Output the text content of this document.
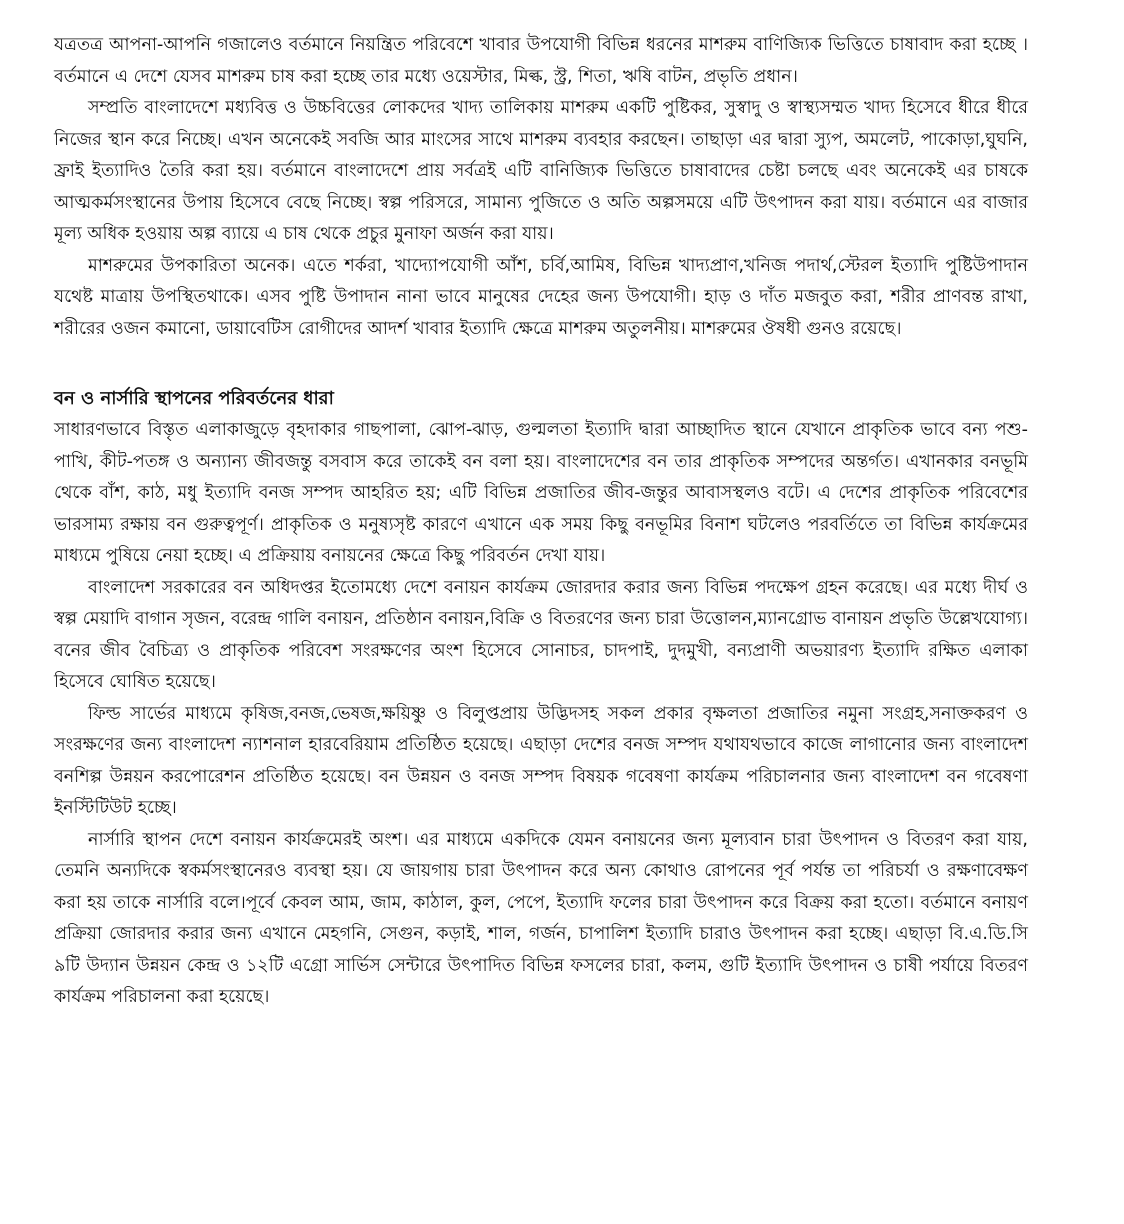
যত্রতত্র আপনা-আপনি গজালেও বর্তমানে নিয়ন্ত্রিত পরিবেশে খাবার উপযোগী বিভিন্ন ধরনের মাশরুম বাণিজ্যিক ভিত্তিতে চাষাবাদ করা হচ্ছে । বর্তমানে এ দেশে যেসব মাশরুম চাষ করা হচ্ছে তার মধ্যে ওয়েস্টার, মিল্ক, স্ট্র, শিতা, ঋষি বাটন, প্রভৃতি প্রধান।

সম্প্রতি বাংলাদেশে মধ্যবিত্ত ও উচ্চবিত্তের লোকদের খাদ্য তালিকায় মাশরুম একটি পুষ্টিকর, সুস্বাদু ও স্বাস্থ্যসম্মত খাদ্য হিসেবে ধীরে ধীরে নিজের স্থান করে নিচ্ছে। এখন অনেকেই সবজি আর মাংসের সাথে মাশরুম ব্যবহার করছেন। তাছাড়া এর দ্বারা স্যুপ, অমলেট, পাকোড়া,ঘুঘনি, ফ্রাই ইত্যাদিও তৈরি করা হয়। বর্তমানে বাংলাদেশে প্রায় সর্বত্রই এটি বানিজ্যিক ভিত্তিতে চাষাবাদের চেষ্টা চলছে এবং অনেকেই এর চাষকে আত্মকর্মসংস্থানের উপায় হিসেবে বেছে নিচ্ছে। স্বল্প পরিসরে, সামান্য পুজিতে ও অতি অল্পসময়ে এটি উৎপাদন করা যায়। বর্তমানে এর বাজার মূল্য অধিক হওয়ায় অল্প ব্যায়ে এ চাষ থেকে প্রচুর মুনাফা অর্জন করা যায়।

মাশরুমের উপকারিতা অনেক। এতে শর্করা, খাদ্যোপযোগী আঁশ, চর্বি,আমিষ, বিভিন্ন খাদ্যপ্রাণ,খনিজ পদার্থ,স্টেরল ইত্যাদি পুষ্টিউপাদান যথেষ্ট মাত্রায় উপস্থিতথাকে। এসব পুষ্টি উপাদান নানা ভাবে মানুষের দেহের জন্য উপযোগী। হাড় ও দাঁত মজবুত করা, শরীর প্রাণবন্ত রাখা, শরীরের ওজন কমানো, ডায়াবেটিস রোগীদের আদর্শ খাবার ইত্যাদি ক্ষেত্রে মাশরুম অতুলনীয়। মাশরুমের ঔষধী গুনও রয়েছে।

বন ও নার্সারি স্থাপনের পরিবর্তনের ধারা

সাধারণভাবে বিস্তৃত এলাকাজুড়ে বৃহদাকার গাছপালা, ঝোপ-ঝাড়, গুল্মলতা ইত্যাদি দ্বারা আচ্ছাদিত স্থানে যেখানে প্রাকৃতিক ভাবে বন্য পশু-পাখি, কীট-পতঙ্গ ও অন্যান্য জীবজন্তু বসবাস করে তাকেই বন বলা হয়। বাংলাদেশের বন তার প্রাকৃতিক সম্পদের অন্তর্গত। এখানকার বনভূমি থেকে বাঁশ, কাঠ, মধু ইত্যাদি বনজ সম্পদ আহরিত হয়; এটি বিভিন্ন প্রজাতির জীব-জন্তুর আবাসস্থলও বটে। এ দেশের প্রাকৃতিক পরিবেশের ভারসাম্য রক্ষায় বন গুরুত্বপূর্ণ। প্রাকৃতিক ও মনুষ্যসৃষ্ট কারণে এখানে এক সময় কিছু বনভূমির বিনাশ ঘটলেও পরবর্তিতে তা বিভিন্ন কার্যক্রমের মাধ্যমে পুষিয়ে নেয়া হচ্ছে। এ প্রক্রিয়ায় বনায়নের ক্ষেত্রে কিছু পরিবর্তন দেখা যায়।

বাংলাদেশ সরকারের বন অধিদপ্তর ইতোমধ্যে দেশে বনায়ন কার্যক্রম জোরদার করার জন্য বিভিন্ন পদক্ষেপ গ্রহন করেছে। এর মধ্যে দীর্ঘ ও স্বল্প মেয়াদি বাগান সৃজন, বরেন্দ্র গালি বনায়ন, প্রতিষ্ঠান বনায়ন,বিক্রি ও বিতরণের জন্য চারা উত্তোলন,ম্যানগ্রোভ বানায়ন প্রভৃতি উল্লেখযোগ্য। বনের জীব বৈচিত্র্য ও প্রাকৃতিক পরিবেশ সংরক্ষণের অংশ হিসেবে সোনাচর, চাদপাই, দুদমুখী, বন্যপ্রাণী অভয়ারণ্য ইত্যাদি রক্ষিত এলাকা হিসেবে ঘোষিত হয়েছে।

ফিল্ড সার্ভের মাধ্যমে কৃষিজ,বনজ,ভেষজ,ক্ষয়িষ্ণু ও বিলুপ্তপ্রায় উদ্ভিদসহ সকল প্রকার বৃক্ষলতা প্রজাতির নমুনা সংগ্রহ,সনাক্তকরণ ও সংরক্ষণের জন্য বাংলাদেশ ন্যাশনাল হারবেরিয়াম প্রতিষ্ঠিত হয়েছে। এছাড়া দেশের বনজ সম্পদ যথাযথভাবে কাজে লাগানোর জন্য বাংলাদেশ বনশিল্প উন্নয়ন করপোরেশন প্রতিষ্ঠিত হয়েছে। বন উন্নয়ন ও বনজ সম্পদ বিষয়ক গবেষণা কার্যক্রম পরিচালনার জন্য বাংলাদেশ বন গবেষণা ইনস্টিটিউট হচ্ছে।

নার্সারি স্থাপন দেশে বনায়ন কার্যক্রমেরই অংশ। এর মাধ্যমে একদিকে যেমন বনায়নের জন্য মূল্যবান চারা উৎপাদন ও বিতরণ করা যায়, তেমনি অন্যদিকে স্বকর্মসংস্থানেরও ব্যবস্থা হয়। যে জায়গায় চারা উৎপাদন করে অন্য কোথাও রোপনের পূর্ব পর্যন্ত তা পরিচর্যা ও রক্ষণাবেক্ষণ করা হয় তাকে নার্সারি বলে।পূর্বে কেবল আম, জাম, কাঠাল, কুল, পেপে, ইত্যাদি ফলের চারা উৎপাদন করে বিক্রয় করা হতো। বর্তমানে বনায়ণ প্রক্রিয়া জোরদার করার জন্য এখানে মেহগনি, সেগুন, কড়াই, শাল, গর্জন, চাপালিশ ইত্যাদি চারাও উৎপাদন করা হচ্ছে। এছাড়া বি.এ.ডি.সি ৯টি উদ্যান উন্নয়ন কেন্দ্র ও ১২টি এগ্রো সার্ভিস সেন্টারে উৎপাদিত বিভিন্ন ফসলের চারা, কলম, গুটি ইত্যাদি উৎপাদন ও চাষী পর্যায়ে বিতরণ কার্যক্রম পরিচালনা করা হয়েছে।
